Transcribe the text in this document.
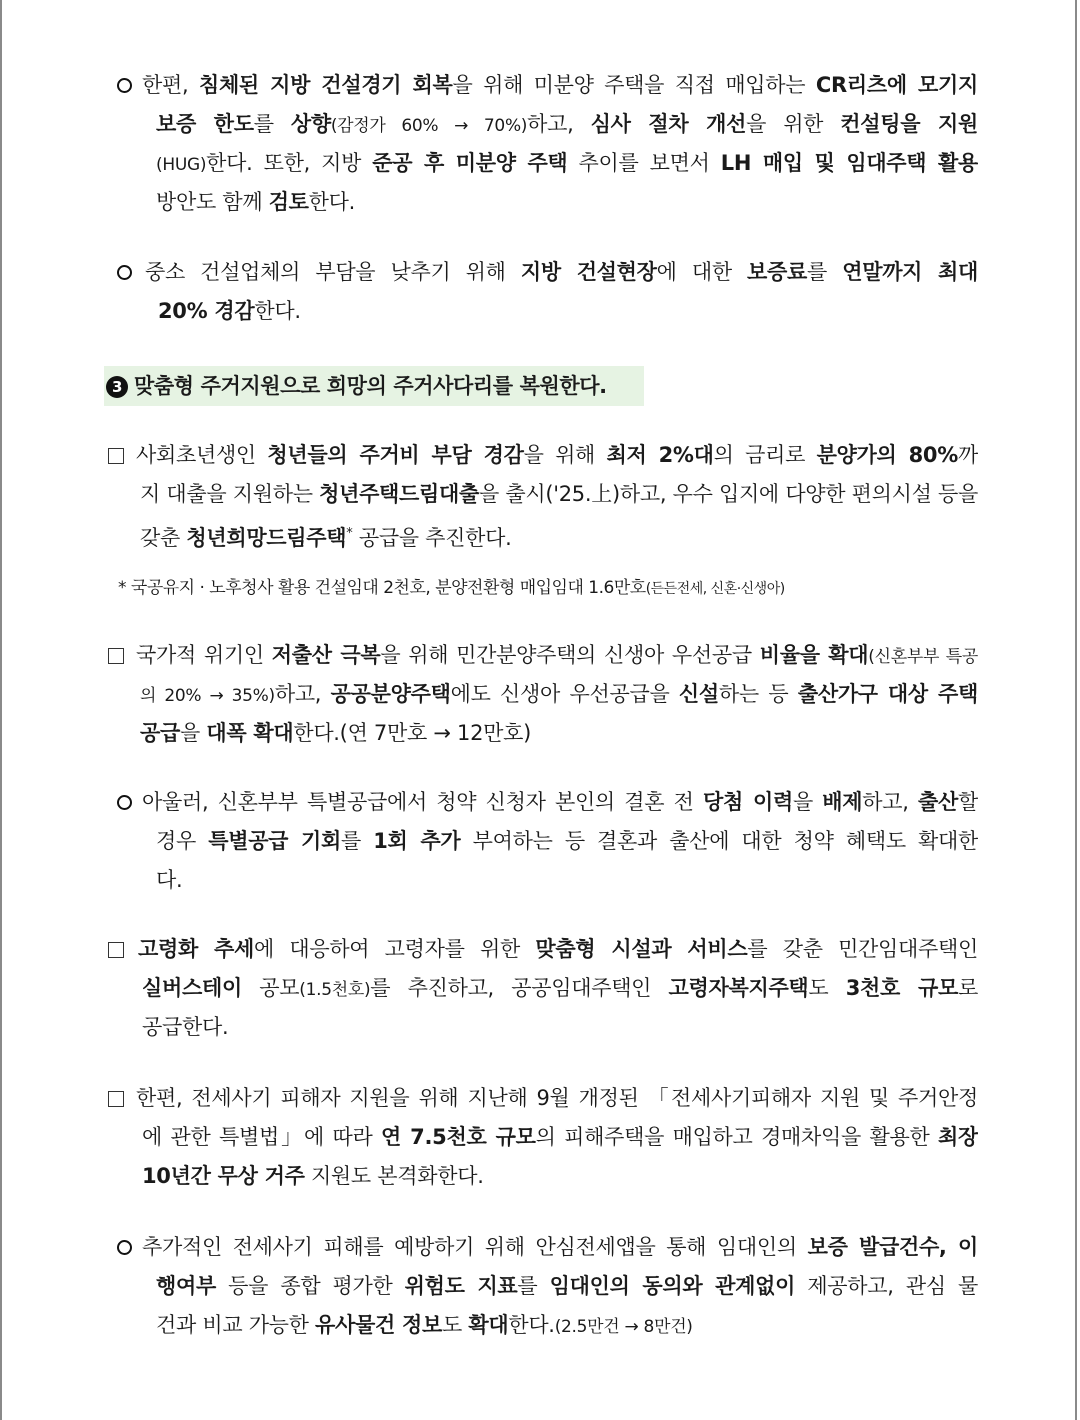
한편, 침체된 지방 건설경기 회복을 위해 미분양 주택을 직접 매입하는 CR리츠에 모기지
보증 한도를 상향(감정가 60% → 70%)하고, 심사 절차 개선을 위한 컨설팅을 지원
(HUG)한다. 또한, 지방 준공 후 미분양 주택 추이를 보면서 LH 매입 및 임대주택 활용
방안도 함께 검토한다.
중소 건설업체의 부담을 낮추기 위해 지방 건설현장에 대한 보증료를 연말까지 최대
20% 경감한다.
3 맞춤형 주거지원으로 희망의 주거사다리를 복원한다.
사회초년생인 청년들의 주거비 부담 경감을 위해 최저 2%대의 금리로 분양가의 80%까
지 대출을 지원하는 청년주택드림대출을 출시('25.上)하고, 우수 입지에 다양한 편의시설 등을
갖춘 청년희망드림주택* 공급을 추진한다.
* 국공유지 · 노후청사 활용 건설임대 2천호, 분양전환형 매입임대 1.6만호(든든전세, 신혼·신생아)
국가적 위기인 저출산 극복을 위해 민간분양주택의 신생아 우선공급 비율을 확대(신혼부부 특공
의 20% → 35%)하고, 공공분양주택에도 신생아 우선공급을 신설하는 등 출산가구 대상 주택
공급을 대폭 확대한다.(연 7만호 → 12만호)
아울러, 신혼부부 특별공급에서 청약 신청자 본인의 결혼 전 당첨 이력을 배제하고, 출산할
경우 특별공급 기회를 1회 추가 부여하는 등 결혼과 출산에 대한 청약 혜택도 확대한
다.
고령화 추세에 대응하여 고령자를 위한 맞춤형 시설과 서비스를 갖춘 민간임대주택인
실버스테이 공모(1.5천호)를 추진하고, 공공임대주택인 고령자복지주택도 3천호 규모로
공급한다.
한편, 전세사기 피해자 지원을 위해 지난해 9월 개정된 「전세사기피해자 지원 및 주거안정
에 관한 특별법」에 따라 연 7.5천호 규모의 피해주택을 매입하고 경매차익을 활용한 최장
10년간 무상 거주 지원도 본격화한다.
추가적인 전세사기 피해를 예방하기 위해 안심전세앱을 통해 임대인의 보증 발급건수, 이
행여부 등을 종합 평가한 위험도 지표를 임대인의 동의와 관계없이 제공하고, 관심 물
건과 비교 가능한 유사물건 정보도 확대한다.(2.5만건 → 8만건)
